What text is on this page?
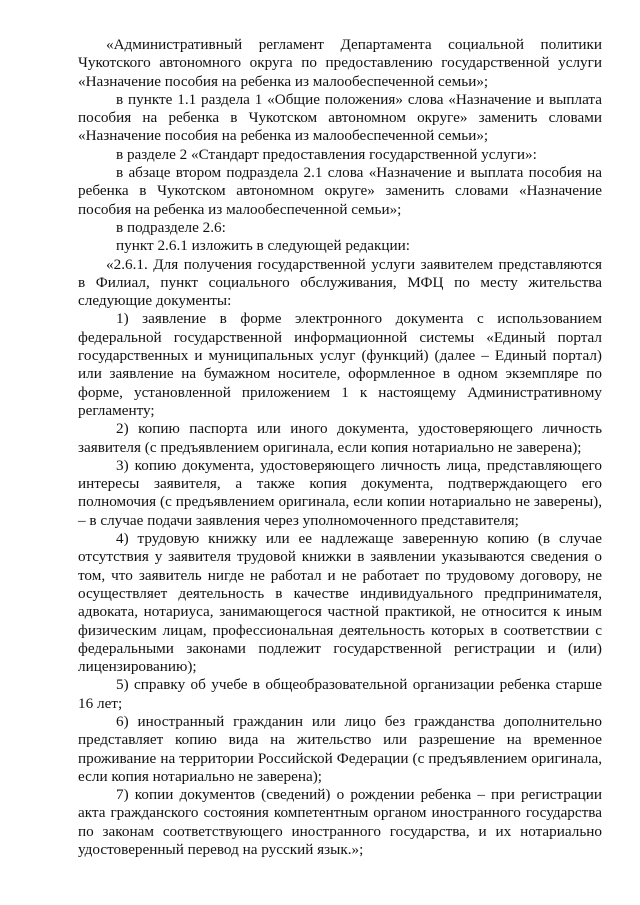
«Административный регламент Департамента социальной политики Чукотского автономного округа по предоставлению государственной услуги «Назначение пособия на ребенка из малообеспеченной семьи»;

в пункте 1.1 раздела 1 «Общие положения» слова «Назначение и выплата пособия на ребенка в Чукотском автономном округе» заменить словами «Назначение пособия на ребенка из малообеспеченной семьи»;

в разделе 2 «Стандарт предоставления государственной услуги»:

в абзаце втором подраздела 2.1 слова «Назначение и выплата пособия на ребенка в Чукотском автономном округе» заменить словами «Назначение пособия на ребенка из малообеспеченной семьи»;

в подразделе 2.6:

пункт 2.6.1 изложить в следующей редакции:

«2.6.1. Для получения государственной услуги заявителем представляются в Филиал, пункт социального обслуживания, МФЦ по месту жительства следующие документы:

1) заявление в форме электронного документа с использованием федеральной государственной информационной системы «Единый портал государственных и муниципальных услуг (функций) (далее – Единый портал) или заявление на бумажном носителе, оформленное в одном экземпляре по форме, установленной приложением 1 к настоящему Административному регламенту;

2) копию паспорта или иного документа, удостоверяющего личность заявителя (с предъявлением оригинала, если копия нотариально не заверена);

3) копию документа, удостоверяющего личность лица, представляющего интересы заявителя, а также копия документа, подтверждающего его полномочия (с предъявлением оригинала, если копии нотариально не заверены), – в случае подачи заявления через уполномоченного представителя;

4) трудовую книжку или ее надлежаще заверенную копию (в случае отсутствия у заявителя трудовой книжки в заявлении указываются сведения о том, что заявитель нигде не работал и не работает по трудовому договору, не осуществляет деятельность в качестве индивидуального предпринимателя, адвоката, нотариуса, занимающегося частной практикой, не относится к иным физическим лицам, профессиональная деятельность которых в соответствии с федеральными законами подлежит государственной регистрации и (или) лицензированию);

5) справку об учебе в общеобразовательной организации ребенка старше 16 лет;

6) иностранный гражданин или лицо без гражданства дополнительно представляет копию вида на жительство или разрешение на временное проживание на территории Российской Федерации (с предъявлением оригинала, если копия нотариально не заверена);

7) копии документов (сведений) о рождении ребенка – при регистрации акта гражданского состояния компетентным органом иностранного государства по законам соответствующего иностранного государства, и их нотариально удостоверенный перевод на русский язык.»;
